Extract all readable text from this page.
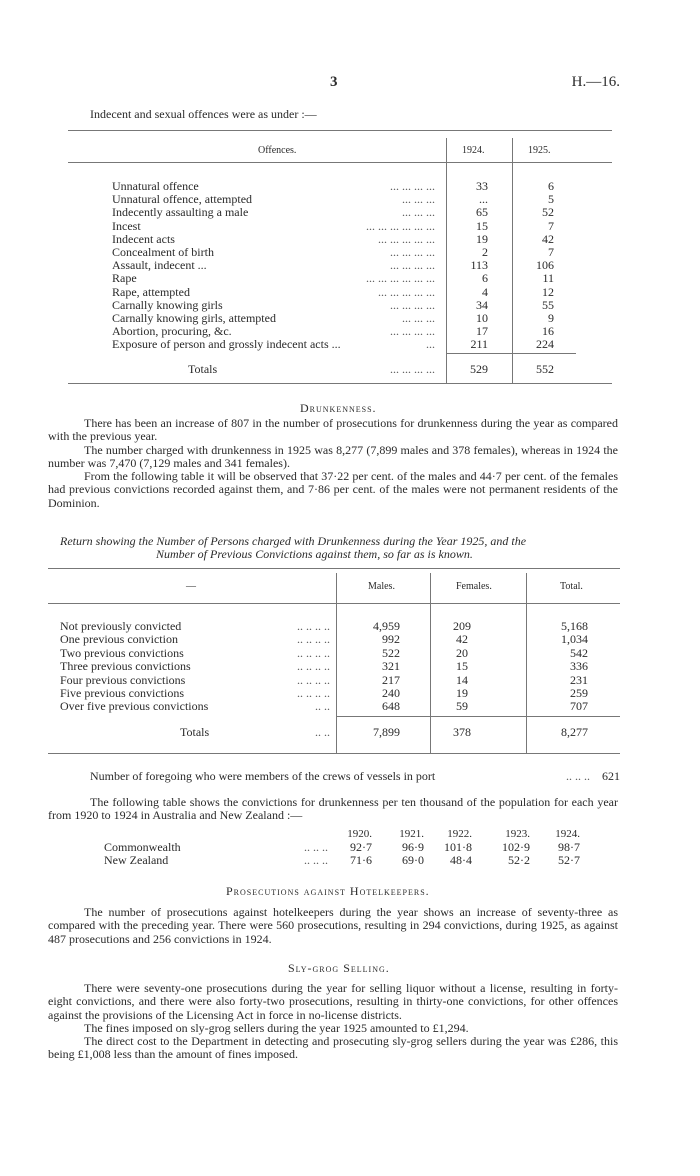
3	H.—16.
Indecent and sexual offences were as under :—
Offences.	1924.	1925.
Unnatural offence	... ... ... ...	33	6
Unnatural offence, attempted	... ... ...	...	5
Indecently assaulting a male	... ... ...	65	52
Incest	... ... ... ... ... ...	15	7
Indecent acts	... ... ... ... ...	19	42
Concealment of birth	... ... ... ...	2	7
Assault, indecent ...	... ... ... ...	113	106
Rape	... ... ... ... ... ...	6	11
Rape, attempted	... ... ... ... ...	4	12
Carnally knowing girls	... ... ... ...	34	55
Carnally knowing girls, attempted	... ... ...	10	9
Abortion, procuring, &c.	... ... ... ...	17	16
Exposure of person and grossly indecent acts ...	...	211	224
Totals	... ... ... ...	529	552
Drunkenness.

There has been an increase of 807 in the number of prosecutions for drunkenness during the year as compared with the previous year.

The number charged with drunkenness in 1925 was 8,277 (7,899 males and 378 females), whereas in 1924 the number was 7,470 (7,129 males and 341 females).

From the following table it will be observed that 37·22 per cent. of the males and 44·7 per cent. of the females had previous convictions recorded against them, and 7·86 per cent. of the males were not permanent residents of the Dominion.

Return showing the Number of Persons charged with Drunkenness during the Year 1925, and the
Number of Previous Convictions against them, so far as is known.
—	Males.	Females.	Total.
Not previously convicted	.. .. .. ..	4,959	209	5,168
One previous conviction	.. .. .. ..	992	42	1,034
Two previous convictions	.. .. .. ..	522	20	542
Three previous convictions	.. .. .. ..	321	15	336
Four previous convictions	.. .. .. ..	217	14	231
Five previous convictions	.. .. .. ..	240	19	259
Over five previous convictions	.. ..	648	59	707
Totals	.. ..	7,899	378	8,277
Number of foregoing who were members of the crews of vessels in port	.. .. ..	621

The following table shows the convictions for drunkenness per ten thousand of the population for each year from 1920 to 1924 in Australia and New Zealand :—

1920.	1921.	1922.	1923.	1924.
Commonwealth	.. .. ..	92·7	96·9	101·8	102·9	98·7
New Zealand	.. .. ..	71·6	69·0	48·4	52·2	52·7
Prosecutions against Hotelkeepers.

The number of prosecutions against hotelkeepers during the year shows an increase of seventy-three as compared with the preceding year. There were 560 prosecutions, resulting in 294 convictions, during 1925, as against 487 prosecutions and 256 convictions in 1924.

Sly-grog Selling.

There were seventy-one prosecutions during the year for selling liquor without a license, resulting in forty-eight convictions, and there were also forty-two prosecutions, resulting in thirty-one convictions, for other offences against the provisions of the Licensing Act in force in no-license districts.

The fines imposed on sly-grog sellers during the year 1925 amounted to £1,294.

The direct cost to the Department in detecting and prosecuting sly-grog sellers during the year was £286, this being £1,008 less than the amount of fines imposed.
